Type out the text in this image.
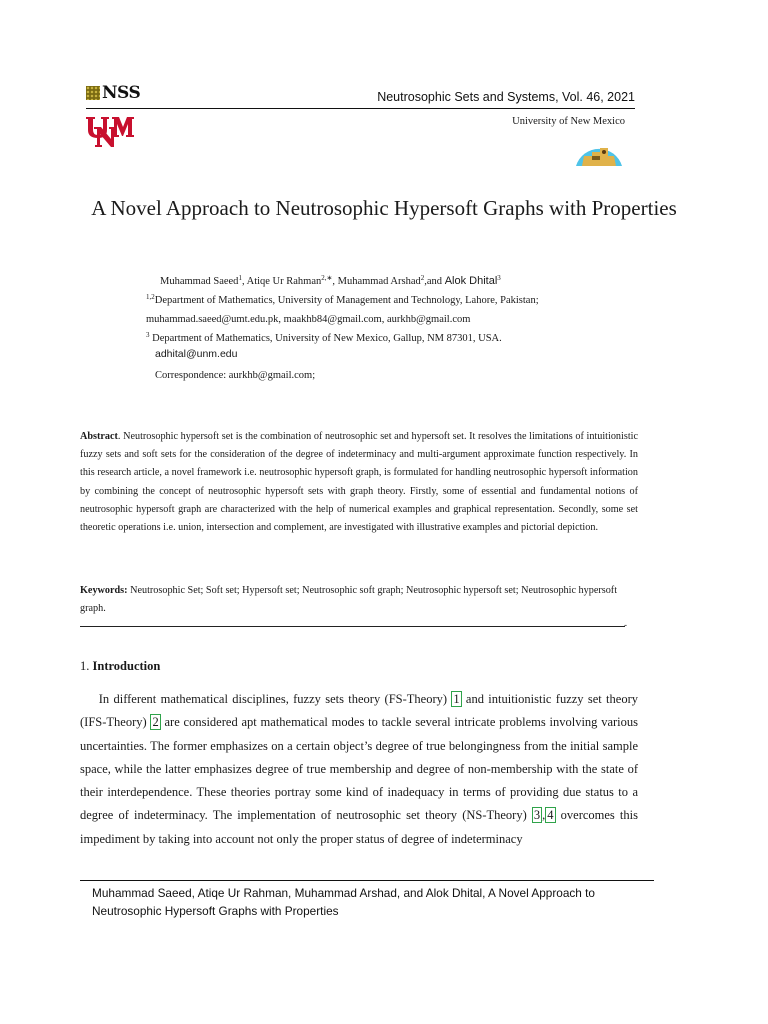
NSS	Neutrosophic Sets and Systems, Vol. 46, 2021
University of New Mexico
A Novel Approach to Neutrosophic Hypersoft Graphs with Properties
Muhammad Saeed$^1$, Atiqe Ur Rahman$^{2,∗}$, Muhammad Arshad$^2$,and Alok Dhital$^3$
$^{1,2}$Department of Mathematics, University of Management and Technology, Lahore, Pakistan;
muhammad.saeed@umt.edu.pk, maakhb84@gmail.com, aurkhb@gmail.com
$^3$ Department of Mathematics, University of New Mexico, Gallup, NM 87301, USA.
adhital@unm.edu
Correspondence: aurkhb@gmail.com;
Abstract. Neutrosophic hypersoft set is the combination of neutrosophic set and hypersoft set. It resolves the limitations of intuitionistic fuzzy sets and soft sets for the consideration of the degree of indeterminacy and multi-argument approximate function respectively. In this research article, a novel framework i.e. neutrosophic hypersoft graph, is formulated for handling neutrosophic hypersoft information by combining the concept of neutrosophic hypersoft sets with graph theory. Firstly, some of essential and fundamental notions of neutrosophic hypersoft graph are characterized with the help of numerical examples and graphical representation. Secondly, some set theoretic operations i.e. union, intersection and complement, are investigated with illustrative examples and pictorial depiction.
Keywords: Neutrosophic Set; Soft set; Hypersoft set; Neutrosophic soft graph; Neutrosophic hypersoft set; Neutrosophic hypersoft graph.
-
1. Introduction
  In different mathematical disciplines, fuzzy sets theory (FS-Theory) 1 and intuitionistic fuzzy set theory (IFS-Theory) 2 are considered apt mathematical modes to tackle several intricate problems involving various uncertainties. The former emphasizes on a certain object’s degree of true belongingness from the initial sample space, while the latter emphasizes degree of true membership and degree of non-membership with the state of their interdependence. These theories portray some kind of inadequacy in terms of providing due status to a degree of indeterminacy. The implementation of neutrosophic set theory (NS-Theory) 3 , 4 overcomes this impediment by taking into account not only the proper status of degree of indeterminacy
Muhammad Saeed, Atiqe Ur Rahman, Muhammad Arshad, and Alok Dhital, A Novel Approach to
Neutrosophic Hypersoft Graphs with Properties
